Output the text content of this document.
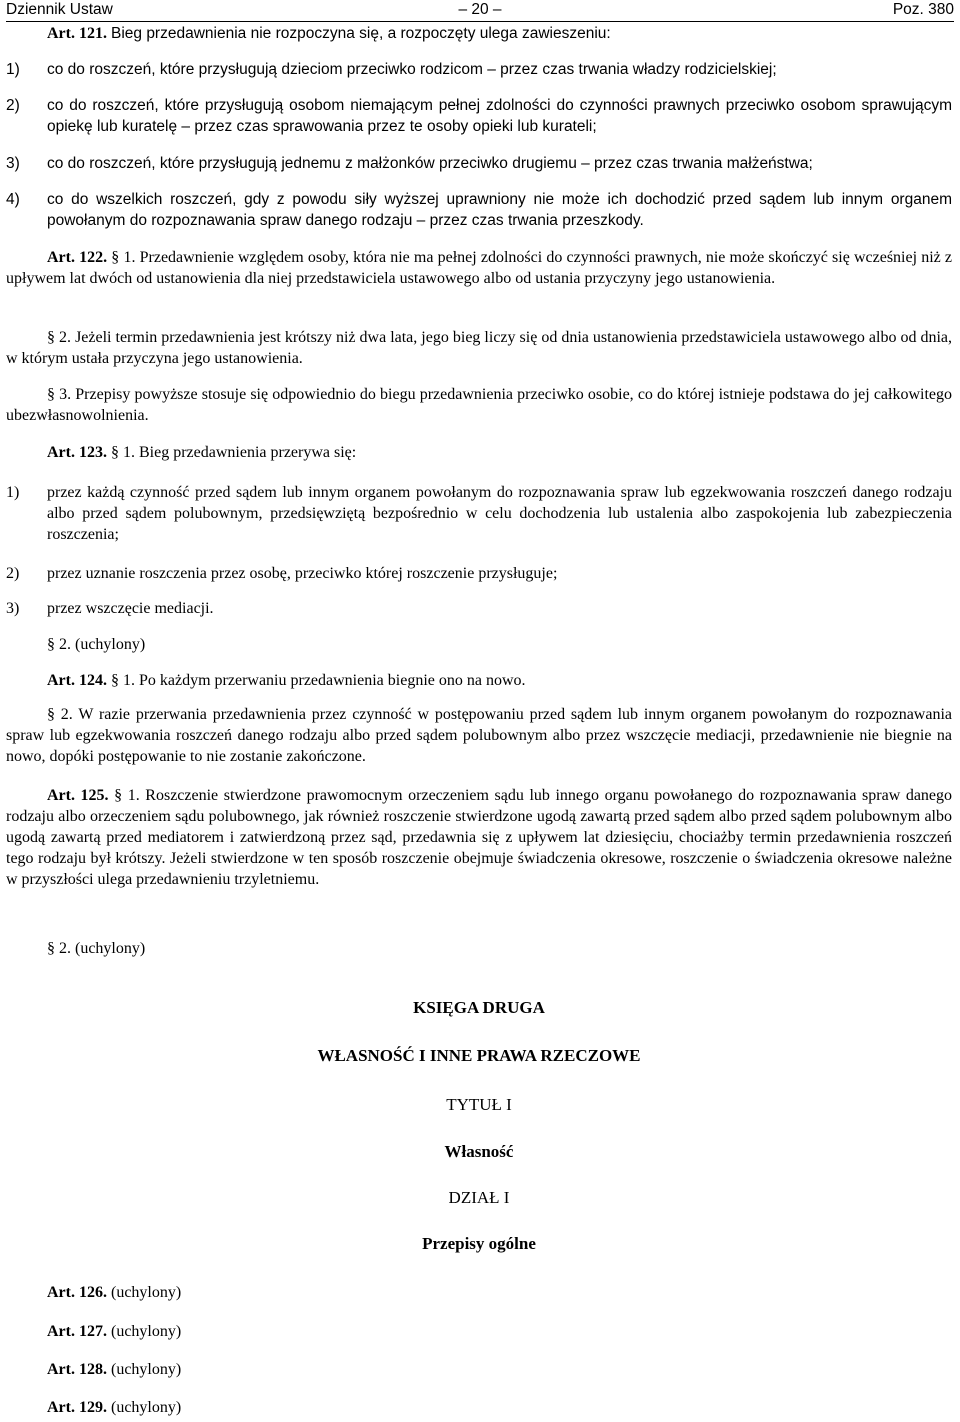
Dziennik Ustaw	– 20 –	Poz. 380
Art. 121. Bieg przedawnienia nie rozpoczyna się, a rozpoczęty ulega zawieszeniu:
1) co do roszczeń, które przysługują dzieciom przeciwko rodzicom – przez czas trwania władzy rodzicielskiej;
2) co do roszczeń, które przysługują osobom niemającym pełnej zdolności do czynności prawnych przeciwko osobom sprawującym opiekę lub kuratelę – przez czas sprawowania przez te osoby opieki lub kurateli;
3) co do roszczeń, które przysługują jednemu z małżonków przeciwko drugiemu – przez czas trwania małżeństwa;
4) co do wszelkich roszczeń, gdy z powodu siły wyższej uprawniony nie może ich dochodzić przed sądem lub innym organem powołanym do rozpoznawania spraw danego rodzaju – przez czas trwania przeszkody.
Art. 122. § 1. Przedawnienie względem osoby, która nie ma pełnej zdolności do czynności prawnych, nie może skończyć się wcześniej niż z upływem lat dwóch od ustanowienia dla niej przedstawiciela ustawowego albo od ustania przyczyny jego ustanowienia.
§ 2. Jeżeli termin przedawnienia jest krótszy niż dwa lata, jego bieg liczy się od dnia ustanowienia przedstawiciela ustawowego albo od dnia, w którym ustała przyczyna jego ustanowienia.
§ 3. Przepisy powyższe stosuje się odpowiednio do biegu przedawnienia przeciwko osobie, co do której istnieje podstawa do jej całkowitego ubezwłasnowolnienia.
Art. 123. § 1. Bieg przedawnienia przerywa się:
1) przez każdą czynność przed sądem lub innym organem powołanym do rozpoznawania spraw lub egzekwowania roszczeń danego rodzaju albo przed sądem polubownym, przedsięwziętą bezpośrednio w celu dochodzenia lub ustalenia albo zaspokojenia lub zabezpieczenia roszczenia;
2) przez uznanie roszczenia przez osobę, przeciwko której roszczenie przysługuje;
3) przez wszczęcie mediacji.
§ 2. (uchylony)
Art. 124. § 1. Po każdym przerwaniu przedawnienia biegnie ono na nowo.
§ 2. W razie przerwania przedawnienia przez czynność w postępowaniu przed sądem lub innym organem powołanym do rozpoznawania spraw lub egzekwowania roszczeń danego rodzaju albo przed sądem polubownym albo przez wszczęcie mediacji, przedawnienie nie biegnie na nowo, dopóki postępowanie to nie zostanie zakończone.
Art. 125. § 1. Roszczenie stwierdzone prawomocnym orzeczeniem sądu lub innego organu powołanego do rozpoznawania spraw danego rodzaju albo orzeczeniem sądu polubownego, jak również roszczenie stwierdzone ugodą zawartą przed sądem albo przed sądem polubownym albo ugodą zawartą przed mediatorem i zatwierdzoną przez sąd, przedawnia się z upływem lat dziesięciu, chociażby termin przedawnienia roszczeń tego rodzaju był krótszy. Jeżeli stwierdzone w ten sposób roszczenie obejmuje świadczenia okresowe, roszczenie o świadczenia okresowe należne w przyszłości ulega przedawnieniu trzyletniemu.
§ 2. (uchylony)
KSIĘGA DRUGA
WŁASNOŚĆ I INNE PRAWA RZECZOWE
TYTUŁ I
Własność
DZIAŁ I
Przepisy ogólne
Art. 126. (uchylony)
Art. 127. (uchylony)
Art. 128. (uchylony)
Art. 129. (uchylony)
